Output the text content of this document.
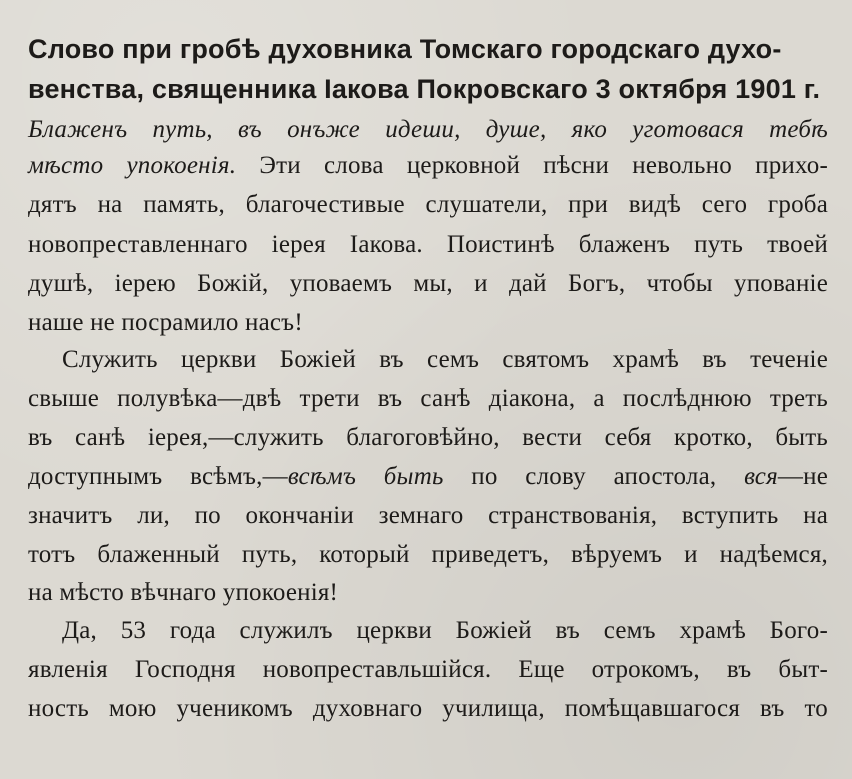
Слово при гробѣ духовника Томскаго городскаго духо-
венства, священника Іакова Покровскаго 3 октября 1901 г.
Блаженъ путь, въ онъже идеши, душе, яко уготовася тебѣ
мѣсто упокоенія. Эти слова церковной пѣсни невольно прихо-
дятъ на память, благочестивые слушатели, при видѣ сего гроба
новопреставленнаго іерея Іакова. Поистинѣ блаженъ путь твоей
душѣ, іерею Божій, уповаемъ мы, и дай Богъ, чтобы упованіе
наше не посрамило насъ!
Служить церкви Божіей въ семъ святомъ храмѣ въ теченіе
свыше полувѣка—двѣ трети въ санѣ діакона, а послѣднюю треть
въ санѣ іерея,—служить благоговѣйно, вести себя кротко, быть
доступнымъ всѣмъ,—всѣмъ быть по слову апостола, вся—не
значитъ ли, по окончаніи земнаго странствованія, вступить на
тотъ блаженный путь, который приведетъ, вѣруемъ и надѣемся,
на мѣсто вѣчнаго упокоенія!
Да, 53 года служилъ церкви Божіей въ семъ храмѣ Бого-
явленія Господня новопреставльшійся. Еще отрокомъ, въ быт-
ность мою ученикомъ духовнаго училища, помѣщавшагося въ то
